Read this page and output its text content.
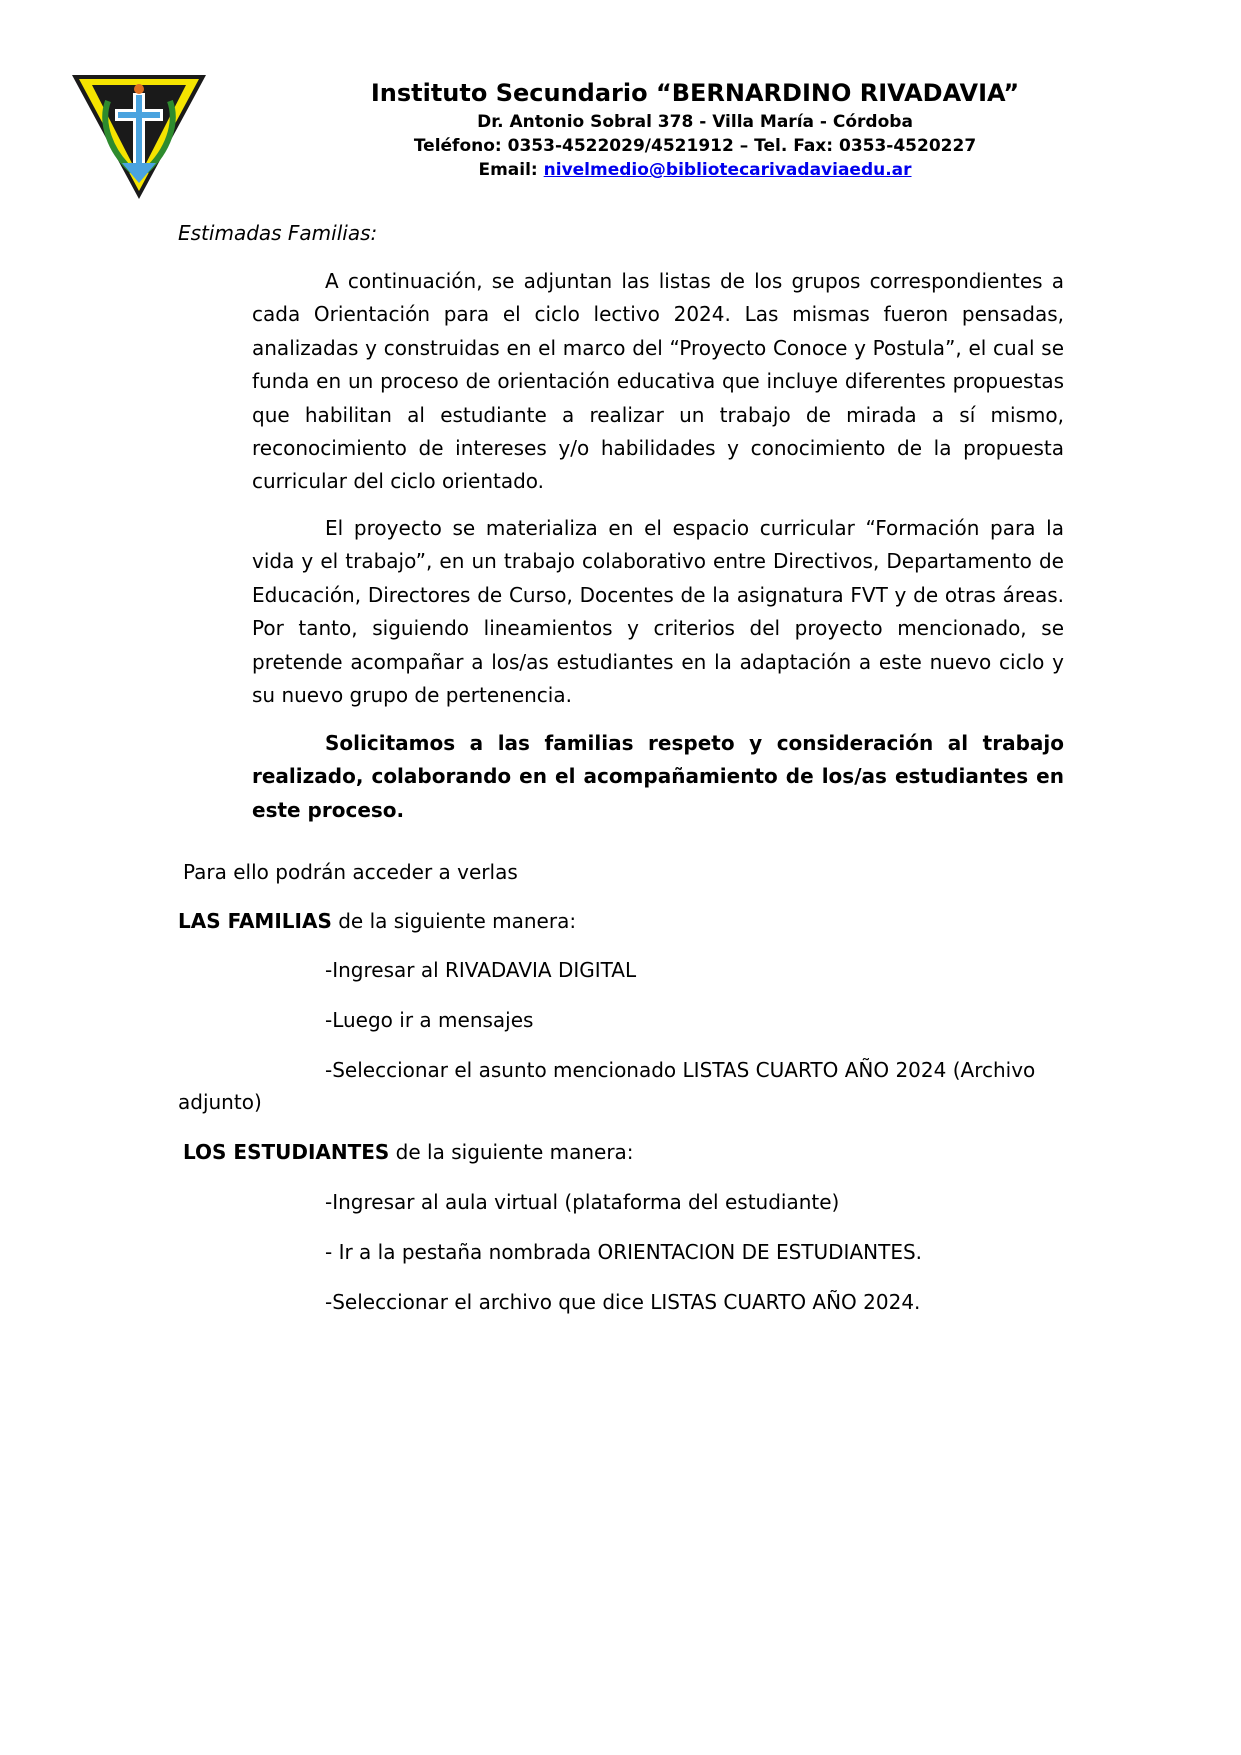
Instituto Secundario “BERNARDINO RIVADAVIA”
Dr. Antonio Sobral 378 - Villa María - Córdoba
Teléfono: 0353-4522029/4521912 – Tel. Fax: 0353-4520227
Email: nivelmedio@bibliotecarivadaviaedu.ar
Estimadas Familias:
A continuación, se adjuntan las listas de los grupos correspondientes a cada Orientación para el ciclo lectivo 2024. Las mismas fueron pensadas, analizadas y construidas en el marco del “Proyecto Conoce y Postula”, el cual se funda en un proceso de orientación educativa que incluye diferentes propuestas que habilitan al estudiante a realizar un trabajo de mirada a sí mismo, reconocimiento de intereses y/o habilidades y conocimiento de la propuesta curricular del ciclo orientado.
El proyecto se materializa en el espacio curricular “Formación para la vida y el trabajo”, en un trabajo colaborativo entre Directivos, Departamento de Educación, Directores de Curso, Docentes de la asignatura FVT y de otras áreas. Por tanto, siguiendo lineamientos y criterios del proyecto mencionado, se pretende acompañar a los/as estudiantes en la adaptación a este nuevo ciclo y su nuevo grupo de pertenencia.
Solicitamos a las familias respeto y consideración al trabajo realizado, colaborando en el acompañamiento de los/as estudiantes en este proceso.
Para ello podrán acceder a verlas
LAS FAMILIAS de la siguiente manera:
-Ingresar al RIVADAVIA DIGITAL
-Luego ir a mensajes
-Seleccionar el asunto mencionado LISTAS CUARTO AÑO 2024 (Archivo
adjunto)
LOS ESTUDIANTES de la siguiente manera:
-Ingresar al aula virtual (plataforma del estudiante)
- Ir a la pestaña nombrada ORIENTACION DE ESTUDIANTES.
-Seleccionar el archivo que dice LISTAS CUARTO AÑO 2024.
